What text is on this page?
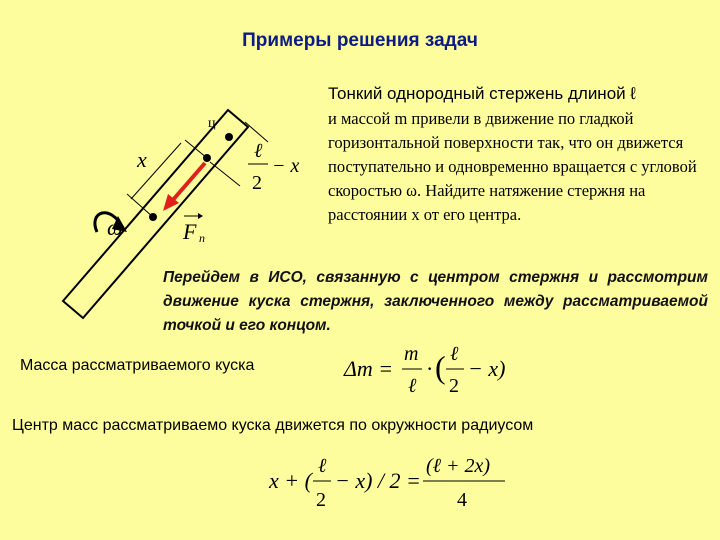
Примеры решения задач
ц
x
ω	F n
ℓ
2
− x
Тонкий однородный стержень длиной ℓ
и массой m привели в движение по гладкой горизонтальной поверхности так, что он движется поступательно и одновременно вращается с угловой скоростью ω. Найдите натяжение стержня на расстоянии x от его центра.
Перейдем в ИСО, связанную с центром стержня и рассмотрим движение куска стержня, заключенного между рассматриваемой точкой и его концом.
Масса рассматриваемого куска	Δm =
m
ℓ
· ( ℓ
2
− x)
Центр масс рассматриваемо куска движется по окружности радиусом
x + (
ℓ
2
− x) / 2 =
(ℓ + 2x)
4
